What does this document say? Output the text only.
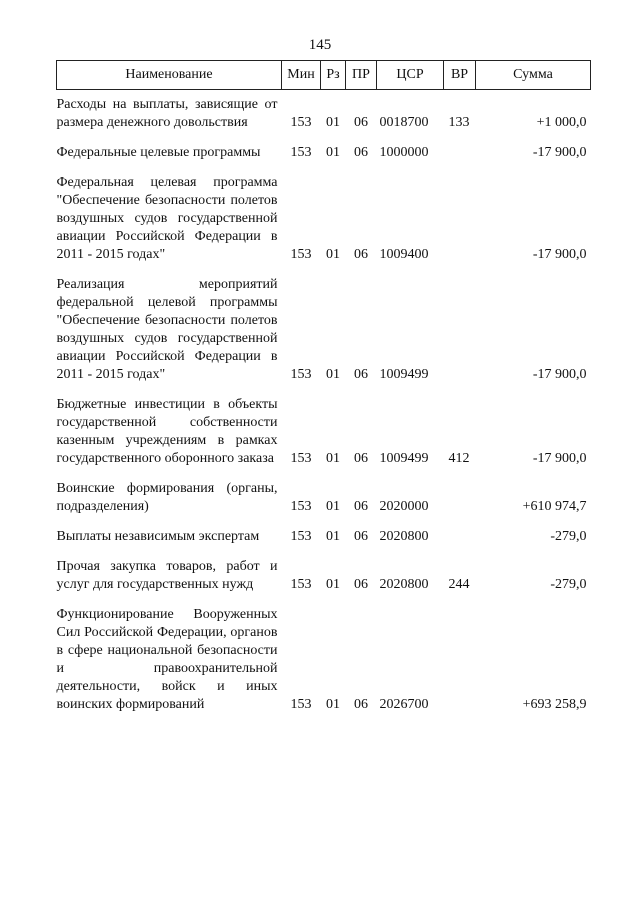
145
Наименование	Мин	Рз	ПР	ЦСР	ВР	Сумма
Расходы на выплаты, зависящие от размера денежного довольствия	153	01	06	0018700	133	+1 000,0
Федеральные целевые программы	153	01	06	1000000		-17 900,0
Федеральная целевая программа "Обеспечение безопасности полетов воздушных судов государственной авиации Российской Федерации в 2011 - 2015 годах"	153	01	06	1009400		-17 900,0
Реализация мероприятий федеральной целевой программы "Обеспечение безопасности полетов воздушных судов государственной авиации Российской Федерации в 2011 - 2015 годах"	153	01	06	1009499		-17 900,0
Бюджетные инвестиции в объекты государственной собственности казенным учреждениям в рамках государственного оборонного заказа	153	01	06	1009499	412	-17 900,0
Воинские формирования (органы, подразделения)	153	01	06	2020000		+610 974,7
Выплаты независимым экспертам	153	01	06	2020800		-279,0
Прочая закупка товаров, работ и услуг для государственных нужд	153	01	06	2020800	244	-279,0
Функционирование Вооруженных Сил Российской Федерации, органов в сфере национальной безопасности и правоохранительной деятельности, войск и иных воинских формирований	153	01	06	2026700		+693 258,9
